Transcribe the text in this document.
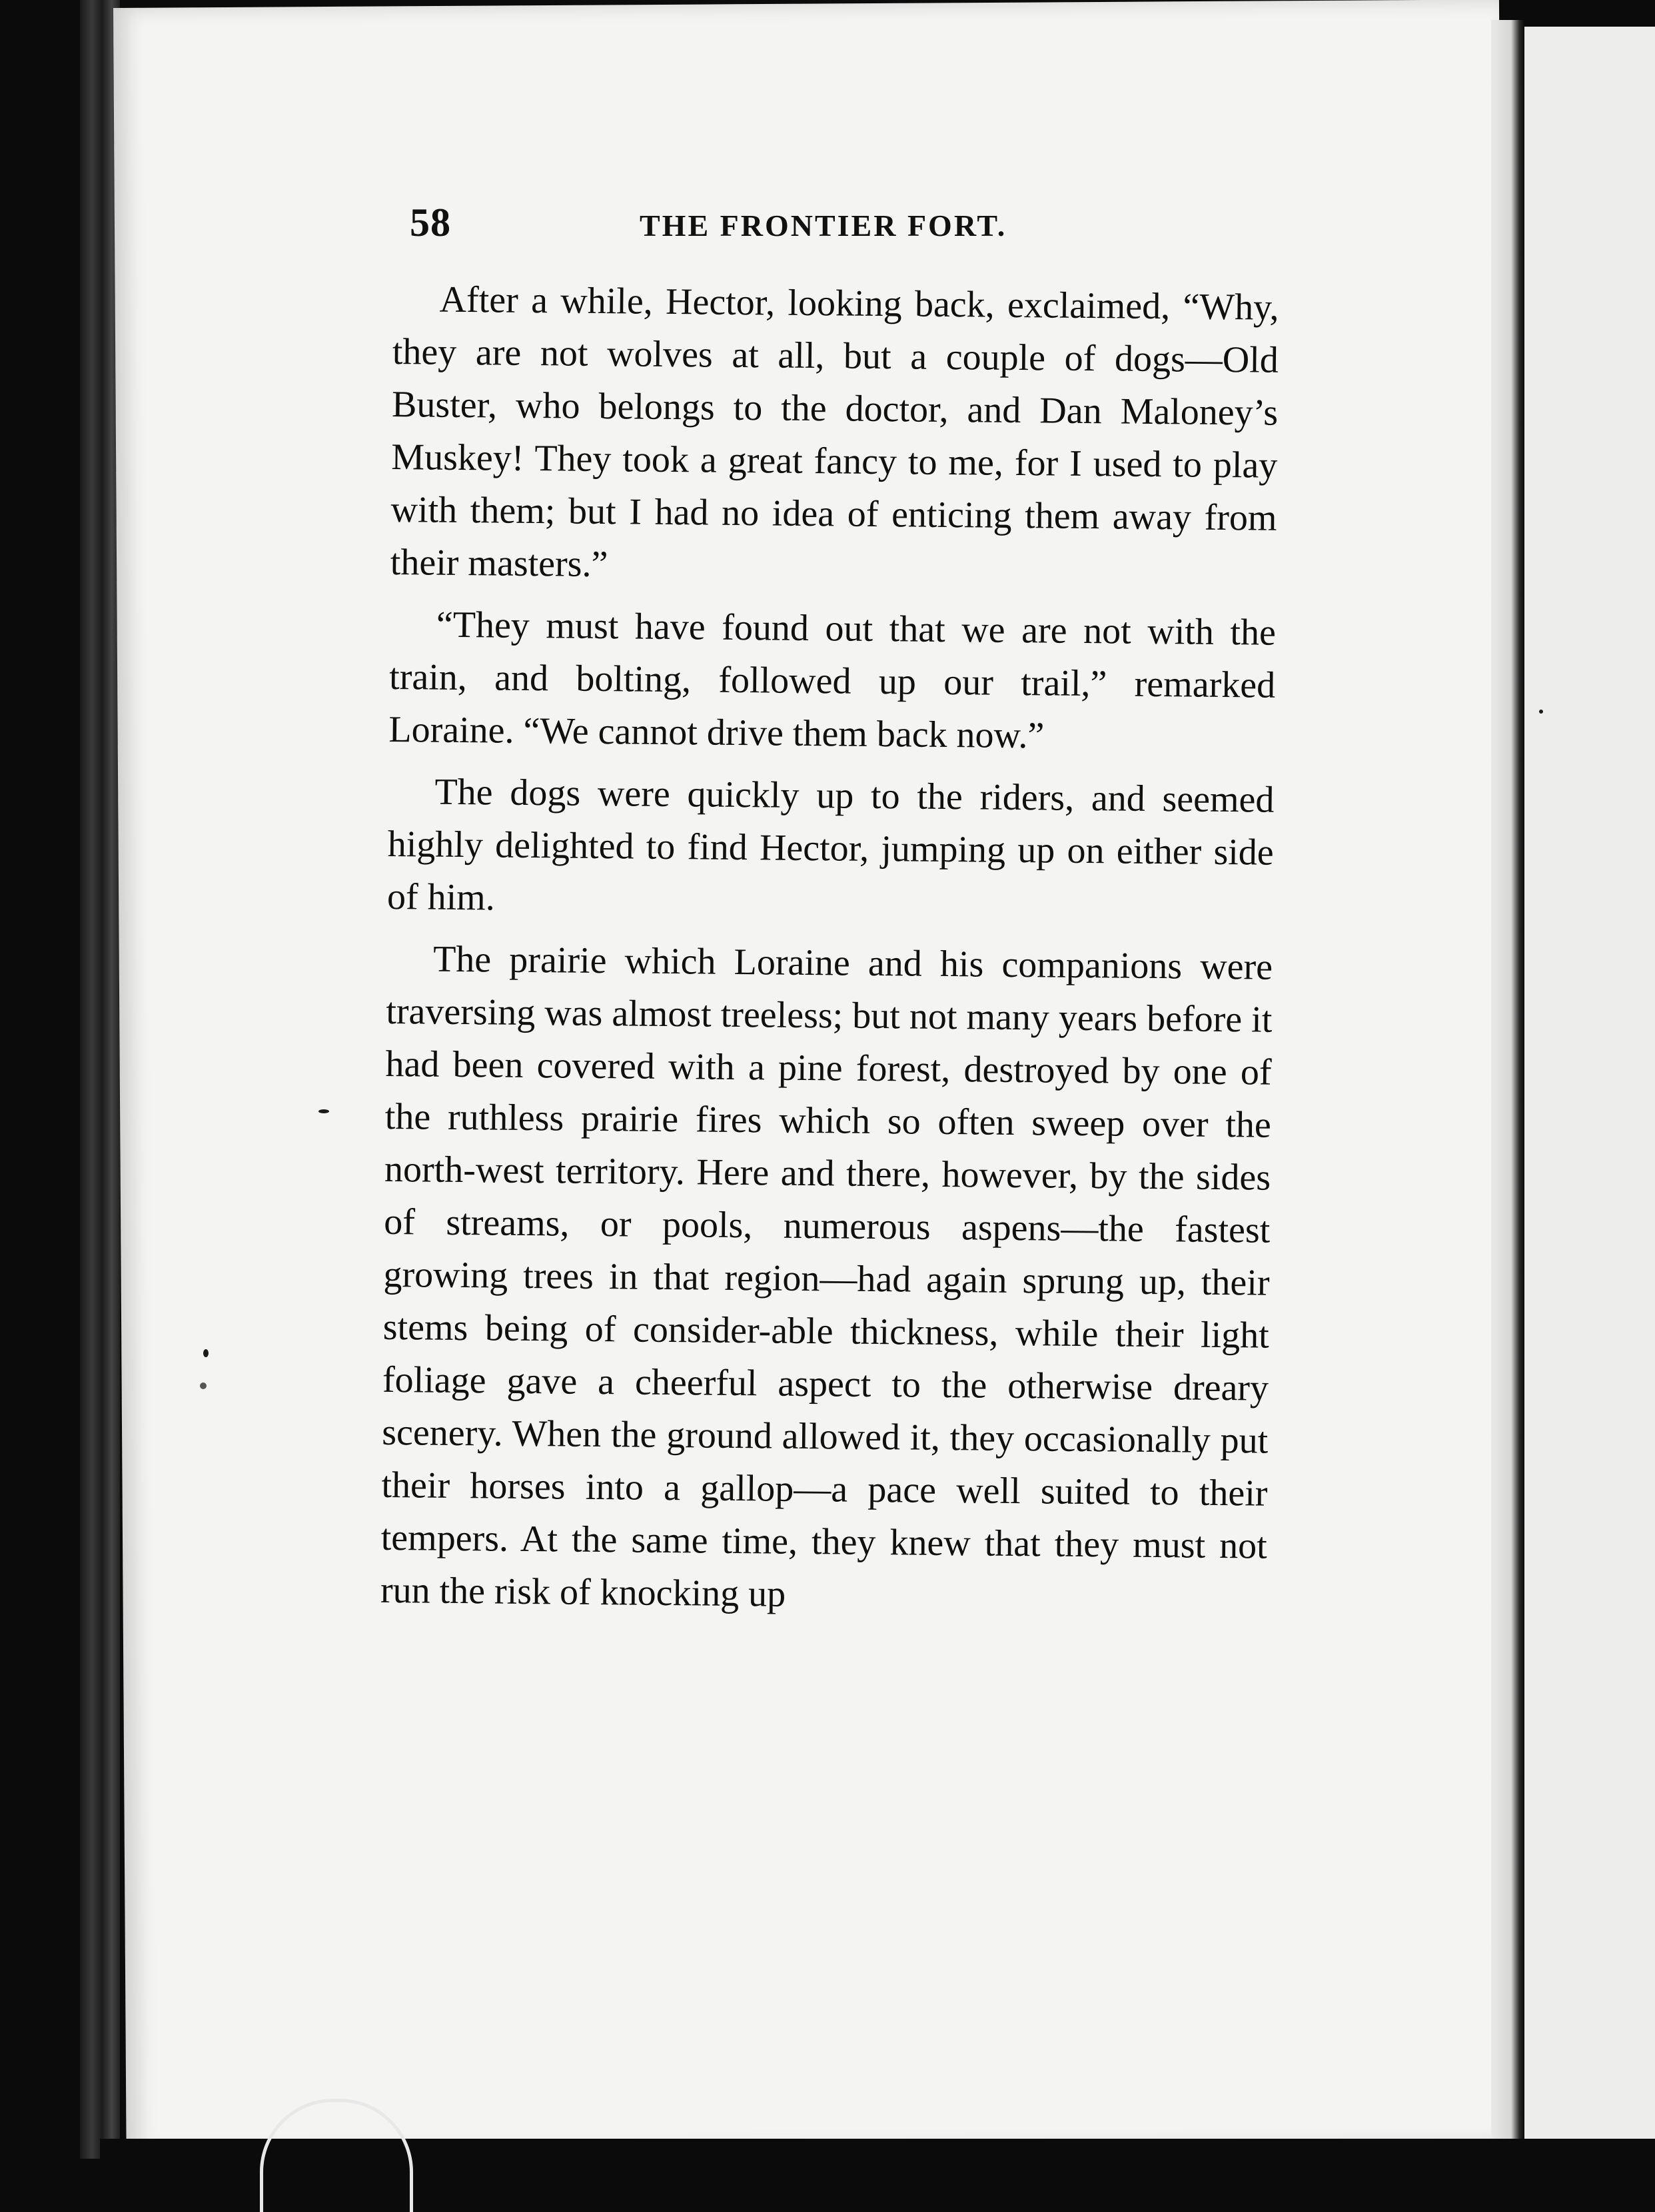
58	THE FRONTIER FORT.

After a while, Hector, looking back, exclaimed, “Why, they are not wolves at all, but a couple of dogs—Old Buster, who belongs to the doctor, and Dan Maloney’s Muskey! They took a great fancy to me, for I used to play with them; but I had no idea of enticing them away from their masters.”

“They must have found out that we are not with the train, and bolting, followed up our trail,” remarked Loraine. “We cannot drive them back now.”

The dogs were quickly up to the riders, and seemed highly delighted to find Hector, jumping up on either side of him.

The prairie which Loraine and his companions were traversing was almost treeless; but not many years before it had been covered with a pine forest, destroyed by one of the ruthless prairie fires which so often sweep over the north-west territory. Here and there, however, by the sides of streams, or pools, numerous aspens—the fastest growing trees in that region—had again sprung up, their stems being of consider-able thickness, while their light foliage gave a cheerful aspect to the otherwise dreary scenery. When the ground allowed it, they occasionally put their horses into a gallop—a pace well suited to their tempers. At the same time, they knew that they must not run the risk of knocking up
